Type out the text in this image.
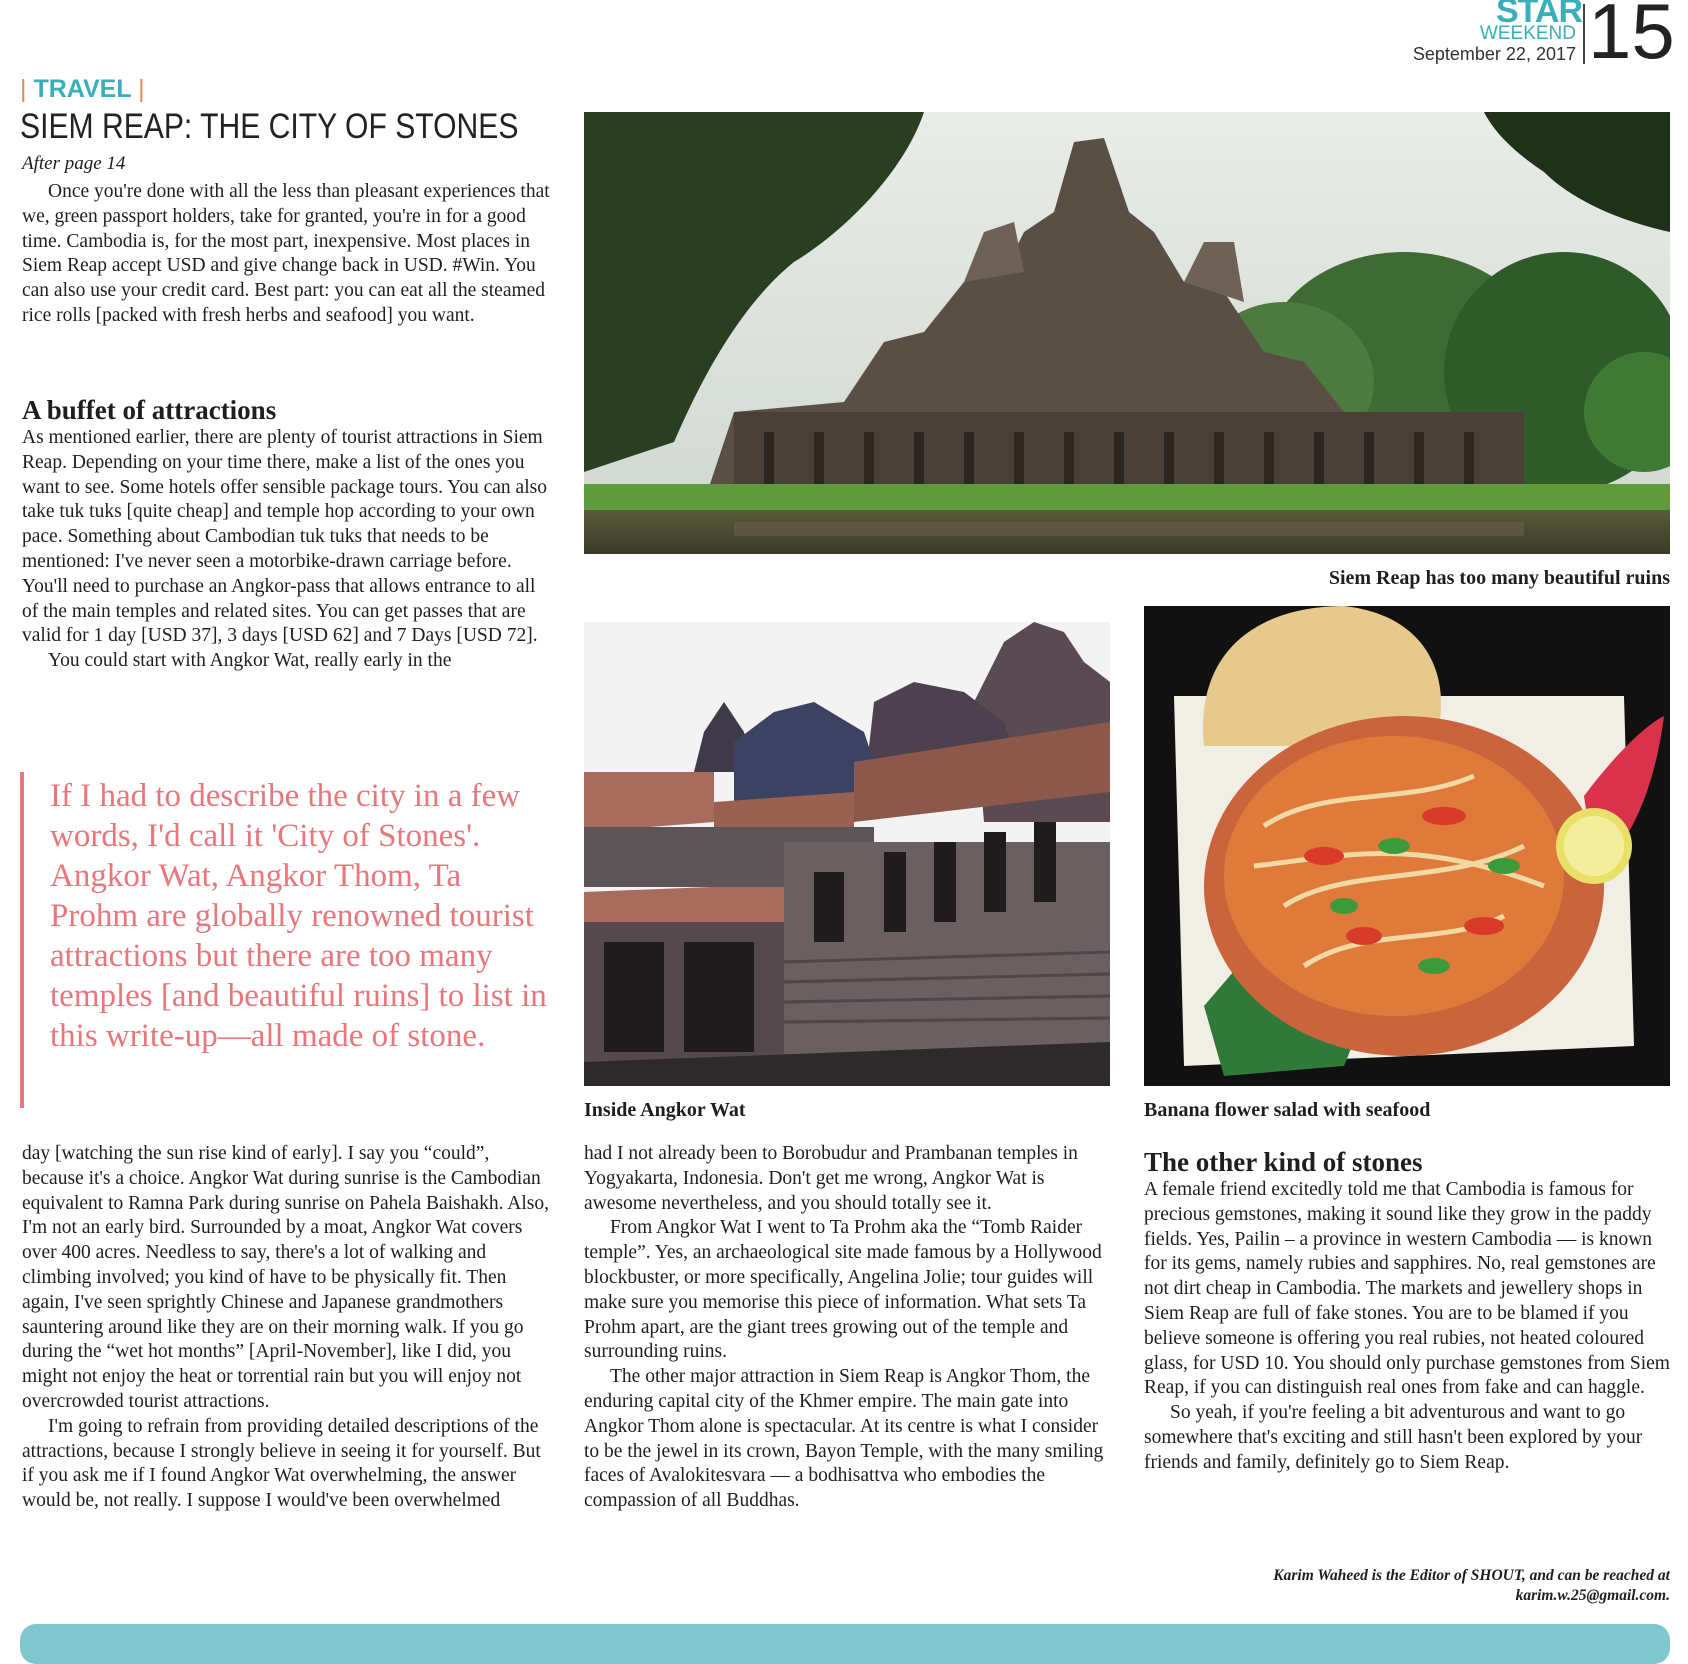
STAR
WEEKEND
September 22, 2017 15
| TRAVEL |
SIEM REAP: THE CITY OF STONES
After page 14

Once you're done with all the less than pleasant experiences that we, green passport holders, take for granted, you're in for a good time. Cambodia is, for the most part, inexpensive. Most places in Siem Reap accept USD and give change back in USD. #Win. You can also use your credit card. Best part: you can eat all the steamed rice rolls [packed with fresh herbs and seafood] you want.

A buffet of attractions

As mentioned earlier, there are plenty of tourist attractions in Siem Reap. Depending on your time there, make a list of the ones you want to see. Some hotels offer sensible package tours. You can also take tuk tuks [quite cheap] and temple hop according to your own pace. Something about Cambodian tuk tuks that needs to be mentioned: I've never seen a motorbike-drawn carriage before. You'll need to purchase an Angkor-pass that allows entrance to all of the main temples and related sites. You can get passes that are valid for 1 day [USD 37], 3 days [USD 62] and 7 Days [USD 72].

You could start with Angkor Wat, really early in the

If I had to describe the city in a few words, I'd call it 'City of Stones'. Angkor Wat, Angkor Thom, Ta Prohm are globally renowned tourist attractions but there are too many temples [and beautiful ruins] to list in this write-up—all made of stone.

day [watching the sun rise kind of early]. I say you “could”, because it's a choice. Angkor Wat during sunrise is the Cambodian equivalent to Ramna Park during sunrise on Pahela Baishakh. Also, I'm not an early bird. Surrounded by a moat, Angkor Wat covers over 400 acres. Needless to say, there's a lot of walking and climbing involved; you kind of have to be physically fit. Then again, I've seen sprightly Chinese and Japanese grandmothers sauntering around like they are on their morning walk. If you go during the “wet hot months” [April-November], like I did, you might not enjoy the heat or torrential rain but you will enjoy not overcrowded tourist attractions.

I'm going to refrain from providing detailed descriptions of the attractions, because I strongly believe in seeing it for yourself. But if you ask me if I found Angkor Wat overwhelming, the answer would be, not really. I suppose I would've been overwhelmed

Siem Reap has too many beautiful ruins
Inside Angkor Wat	Banana flower salad with seafood

had I not already been to Borobudur and Prambanan temples in Yogyakarta, Indonesia. Don't get me wrong, Angkor Wat is awesome nevertheless, and you should totally see it.

From Angkor Wat I went to Ta Prohm aka the “Tomb Raider temple”. Yes, an archaeological site made famous by a Hollywood blockbuster, or more specifically, Angelina Jolie; tour guides will make sure you memorise this piece of information. What sets Ta Prohm apart, are the giant trees growing out of the temple and surrounding ruins.

The other major attraction in Siem Reap is Angkor Thom, the enduring capital city of the Khmer empire. The main gate into Angkor Thom alone is spectacular. At its centre is what I consider to be the jewel in its crown, Bayon Temple, with the many smiling faces of Avalokitesvara — a bodhisattva who embodies the compassion of all Buddhas.

The other kind of stones

A female friend excitedly told me that Cambodia is famous for precious gemstones, making it sound like they grow in the paddy fields. Yes, Pailin – a province in western Cambodia — is known for its gems, namely rubies and sapphires. No, real gemstones are not dirt cheap in Cambodia. The markets and jewellery shops in Siem Reap are full of fake stones. You are to be blamed if you believe someone is offering you real rubies, not heated coloured glass, for USD 10. You should only purchase gemstones from Siem Reap, if you can distinguish real ones from fake and can haggle.

So yeah, if you're feeling a bit adventurous and want to go somewhere that's exciting and still hasn't been explored by your friends and family, definitely go to Siem Reap.

Karim Waheed is the Editor of SHOUT, and can be reached at
karim.w.25@gmail.com.
